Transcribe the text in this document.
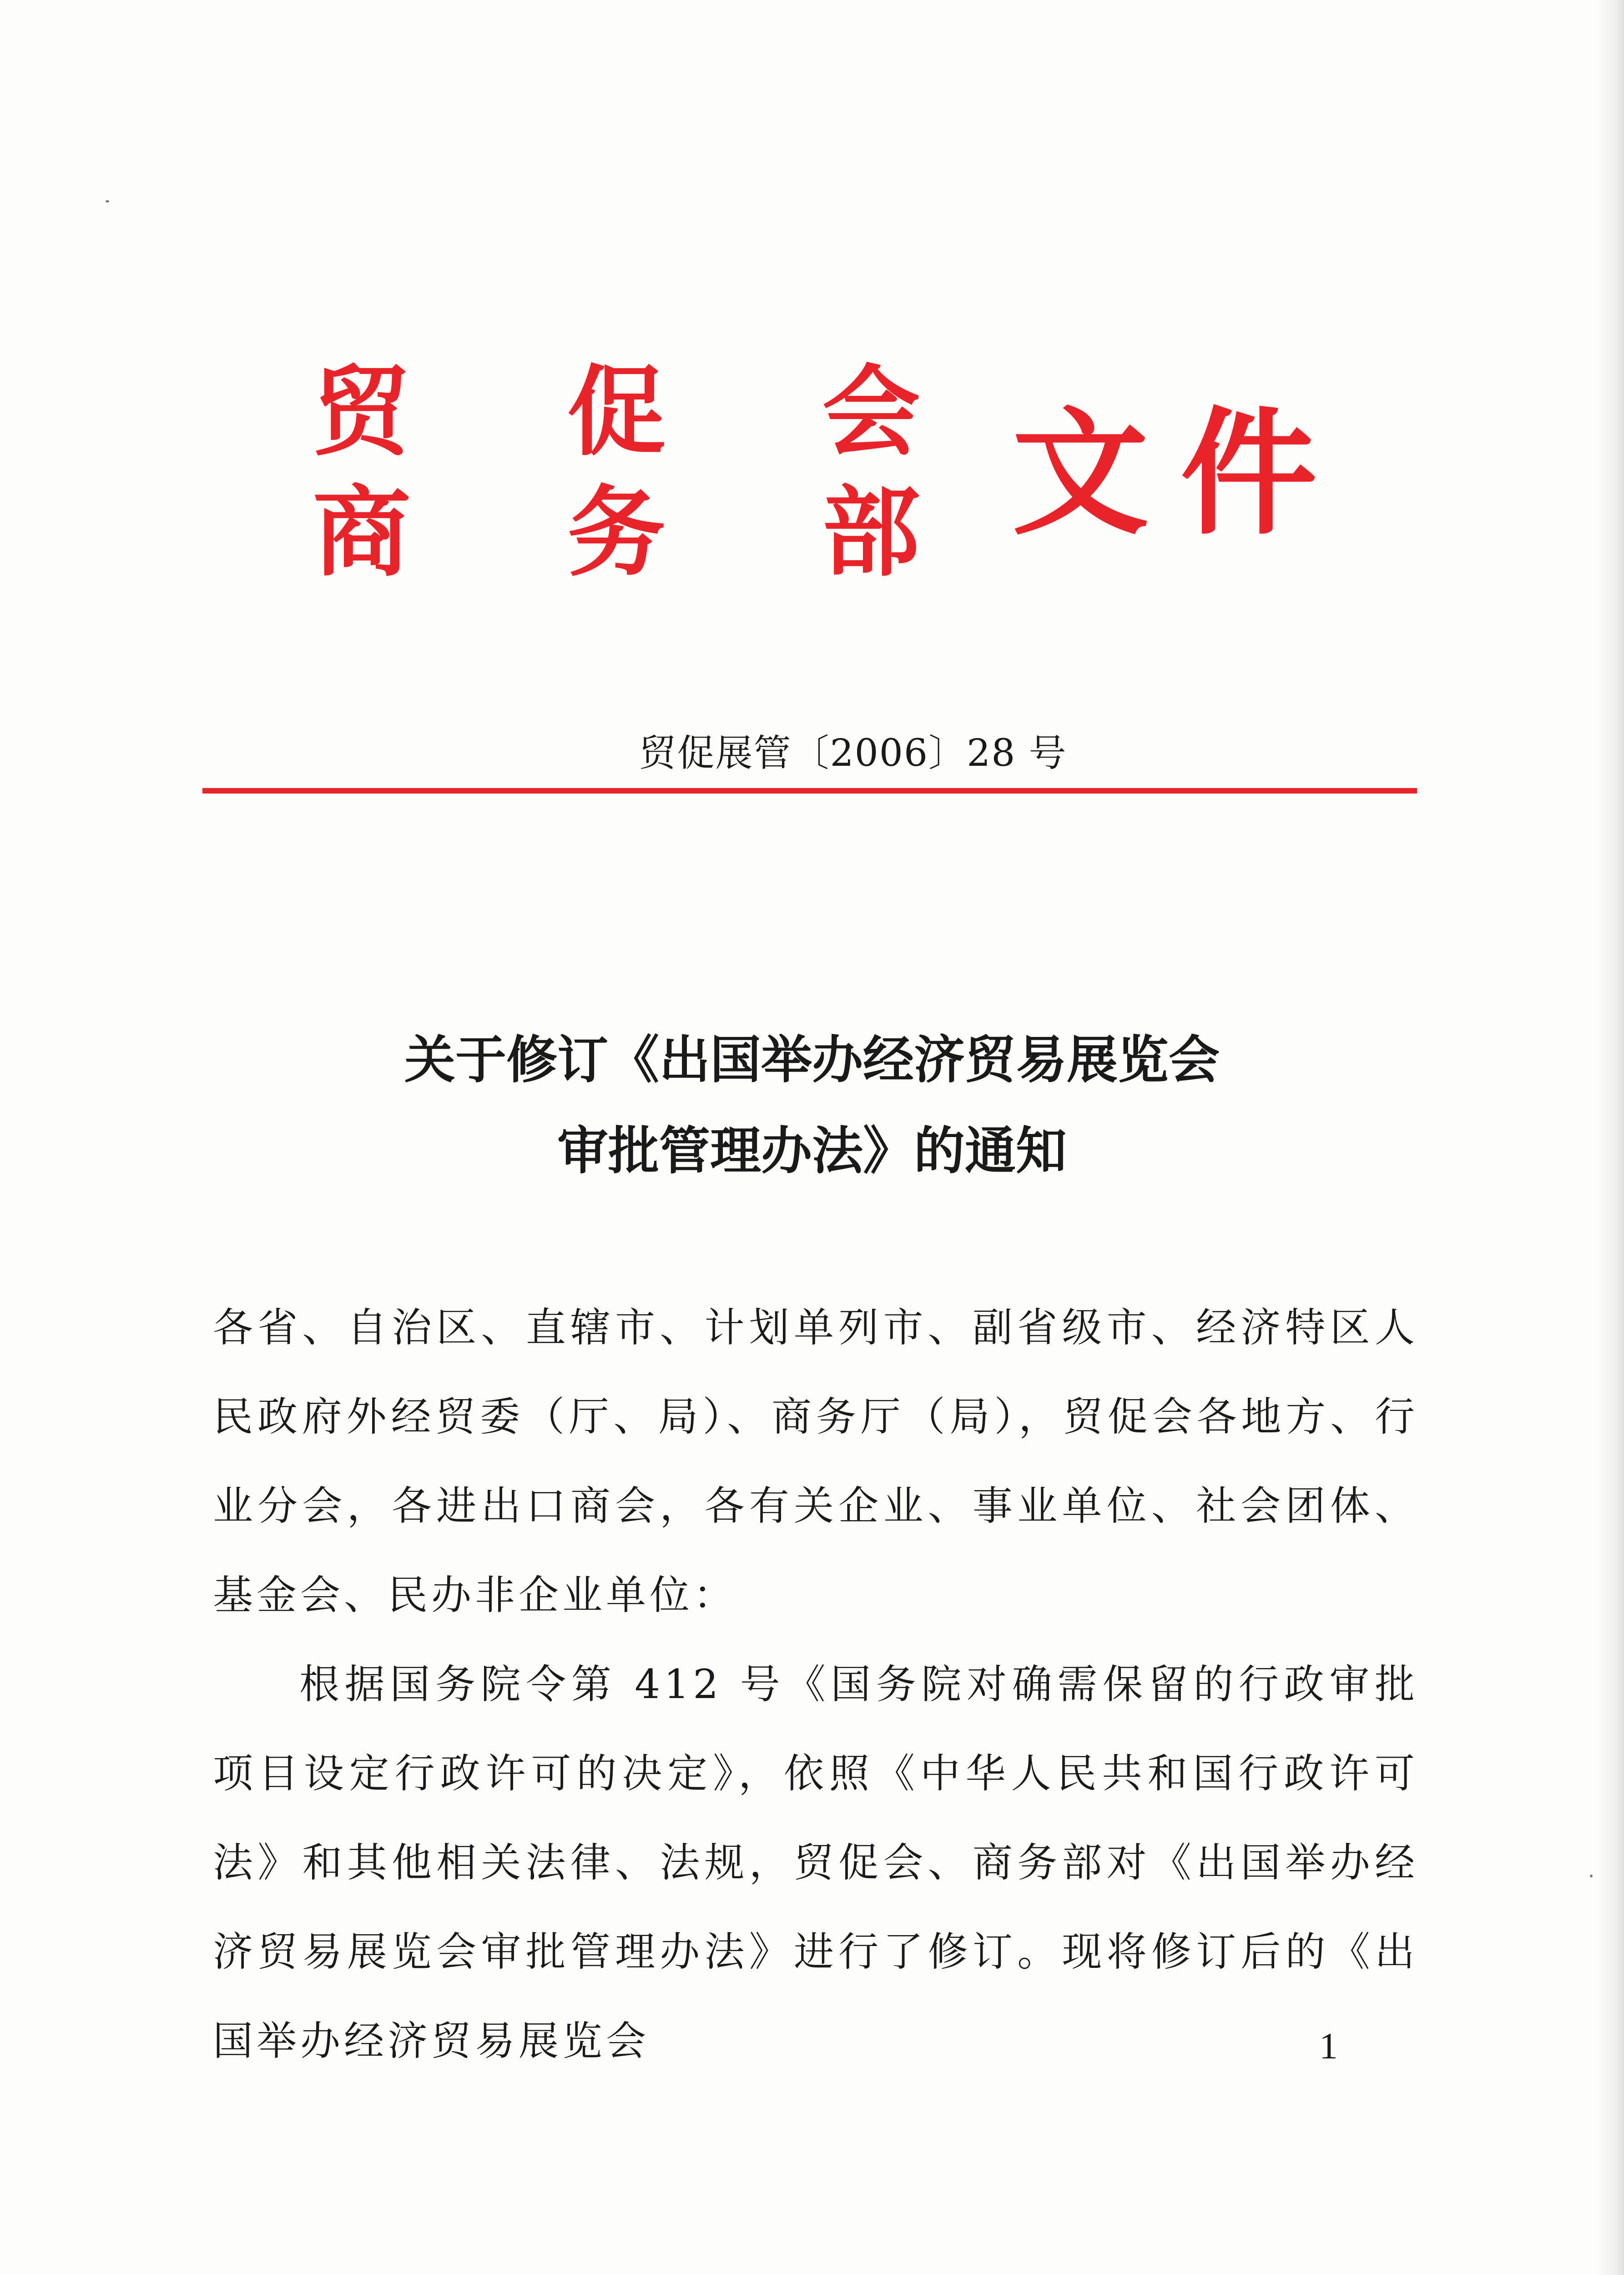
贸 促 会
商 务 部 文 件
贸促展管〔2006〕28 号
关于修订《出国举办经济贸易展览会
审批管理办法》的通知

各省、自治区、直辖市、计划单列市、副省级市、经济特区人民政府外经贸委（厅、局）、商务厅（局），贸促会各地方、行业分会，各进出口商会，各有关企业、事业单位、社会团体、基金会、民办非企业单位：

根据国务院令第 412 号《国务院对确需保留的行政审批项目设定行政许可的决定》，依照《中华人民共和国行政许可法》和其他相关法律、法规，贸促会、商务部对《出国举办经济贸易展览会审批管理办法》进行了修订。现将修订后的《出国举办经济贸易展览会	1
